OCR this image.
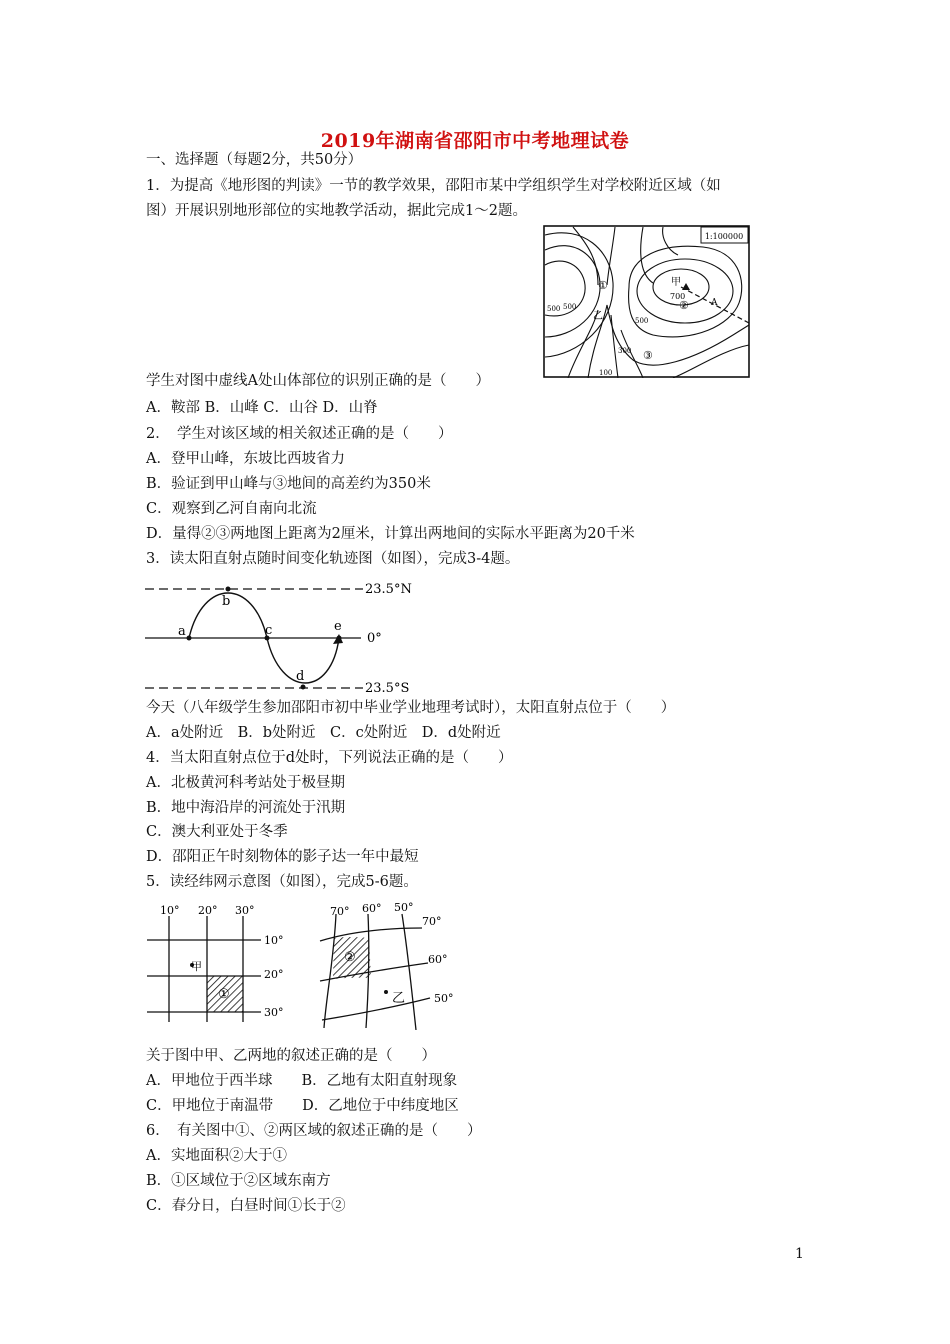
2019年湖南省邵阳市中考地理试卷
一、选择题（每题2分，共50分）
1．为提高《地形图的判读》一节的教学效果，邵阳市某中学组织学生对学校附近区域（如
图）开展识别地形部位的实地教学活动，据此完成1～2题。
1:100000
甲
700
A
①
②
③
乙
500 500
500
300
100
学生对图中虚线A处山体部位的识别正确的是（　　）
A．鞍部 B．山峰 C．山谷 D．山脊
2．　学生对该区域的相关叙述正确的是（　　）
A．登甲山峰，东坡比西坡省力
B．验证到甲山峰与③地间的高差约为350米
C．观察到乙河自南向北流
D．量得②③两地图上距离为2厘米，计算出两地间的实际水平距离为20千米
3．读太阳直射点随时间变化轨迹图（如图），完成3-4题。
a
b
c
d
e
23.5°N
0°
23.5°S
今天（八年级学生参加邵阳市初中毕业学业地理考试时），太阳直射点位于（　　）
A．a处附近　B．b处附近　C．c处附近　D．d处附近
4．当太阳直射点位于d处时，下列说法正确的是（　　）
A．北极黄河科考站处于极昼期
B．地中海沿岸的河流处于汛期
C．澳大利亚处于冬季
D．邵阳正午时刻物体的影子达一年中最短
5．读经纬网示意图（如图），完成5-6题。
10° 20° 30°
10°
20°
30°
甲
①
70° 60° 50°
70°
60°
50°
乙
②
关于图中甲、乙两地的叙述正确的是（　　）
A．甲地位于西半球　　B．乙地有太阳直射现象
C．甲地位于南温带　　D．乙地位于中纬度地区
6．　有关图中①、②两区域的叙述正确的是（　　）
A．实地面积②大于①
B．①区域位于②区域东南方
C．春分日，白昼时间①长于②
1
